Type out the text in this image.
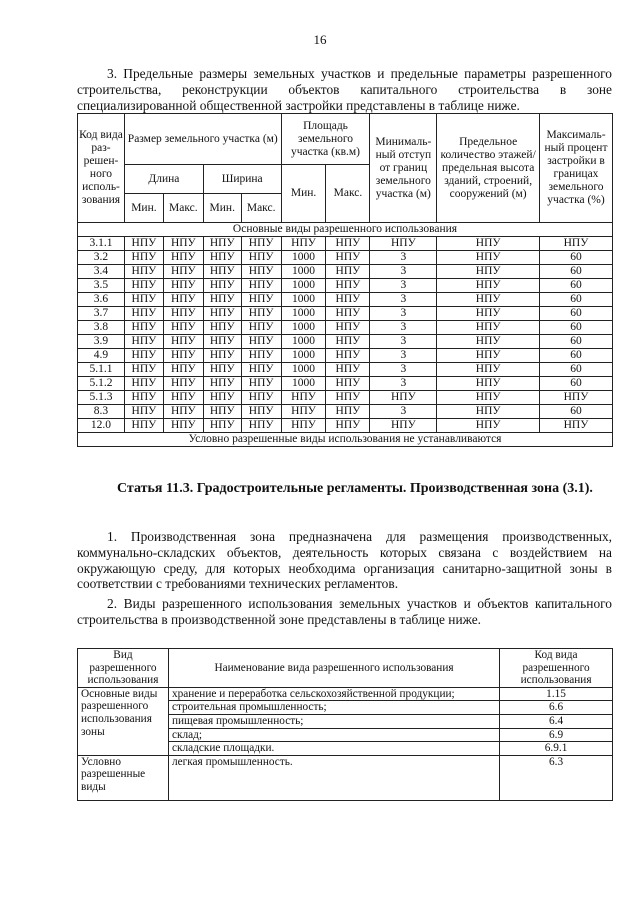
16
3. Предельные размеры земельных участков и предельные параметры разрешенного строительства, реконструкции объектов капитального строительства в зоне специализированной общественной застройки представлены в таблице ниже.
Код вида раз-решен-ного исполь-зования	Размер земельного участка (м)				Площадь земельного участка (кв.м)		Минималь-ный отступ от границ земельного участка (м)	Предельное количество этажей/ предельная высота зданий, строений, сооружений (м)	Максималь-ный процент застройки в границах земельного участка (%)
	Длина		Ширина		Мин.	Макс.			
	Мин.	Макс.	Мин.	Макс.					
Основные виды разрешенного использования									
3.1.1	НПУ	НПУ	НПУ	НПУ	НПУ	НПУ	НПУ	НПУ	НПУ
3.2	НПУ	НПУ	НПУ	НПУ	1000	НПУ	3	НПУ	60
3.4	НПУ	НПУ	НПУ	НПУ	1000	НПУ	3	НПУ	60
3.5	НПУ	НПУ	НПУ	НПУ	1000	НПУ	3	НПУ	60
3.6	НПУ	НПУ	НПУ	НПУ	1000	НПУ	3	НПУ	60
3.7	НПУ	НПУ	НПУ	НПУ	1000	НПУ	3	НПУ	60
3.8	НПУ	НПУ	НПУ	НПУ	1000	НПУ	3	НПУ	60
3.9	НПУ	НПУ	НПУ	НПУ	1000	НПУ	3	НПУ	60
4.9	НПУ	НПУ	НПУ	НПУ	1000	НПУ	3	НПУ	60
5.1.1	НПУ	НПУ	НПУ	НПУ	1000	НПУ	3	НПУ	60
5.1.2	НПУ	НПУ	НПУ	НПУ	1000	НПУ	3	НПУ	60
5.1.3	НПУ	НПУ	НПУ	НПУ	НПУ	НПУ	НПУ	НПУ	НПУ
8.3	НПУ	НПУ	НПУ	НПУ	НПУ	НПУ	3	НПУ	60
12.0	НПУ	НПУ	НПУ	НПУ	НПУ	НПУ	НПУ	НПУ	НПУ
Условно разрешенные виды использования не устанавливаются									
Статья 11.3. Градостроительные регламенты. Производственная зона (3.1).
1. Производственная зона предназначена для размещения производственных, коммунально-складских объектов, деятельность которых связана с воздействием на окружающую среду, для которых необходима организация санитарно-защитной зоны в соответствии с требованиями технических регламентов.
2. Виды разрешенного использования земельных участков и объектов капитального строительства в производственной зоне представлены в таблице ниже.
Вид разрешенного использования	Наименование вида разрешенного использования	Код вида разрешенного использования
Основные виды разрешенного использования зоны	хранение и переработка сельскохозяйственной продукции;	1.15
	строительная промышленность;	6.6
	пищевая промышленность;	6.4
	склад;	6.9
	складские площадки.	6.9.1
Условно разрешенные виды	легкая промышленность.	6.3
